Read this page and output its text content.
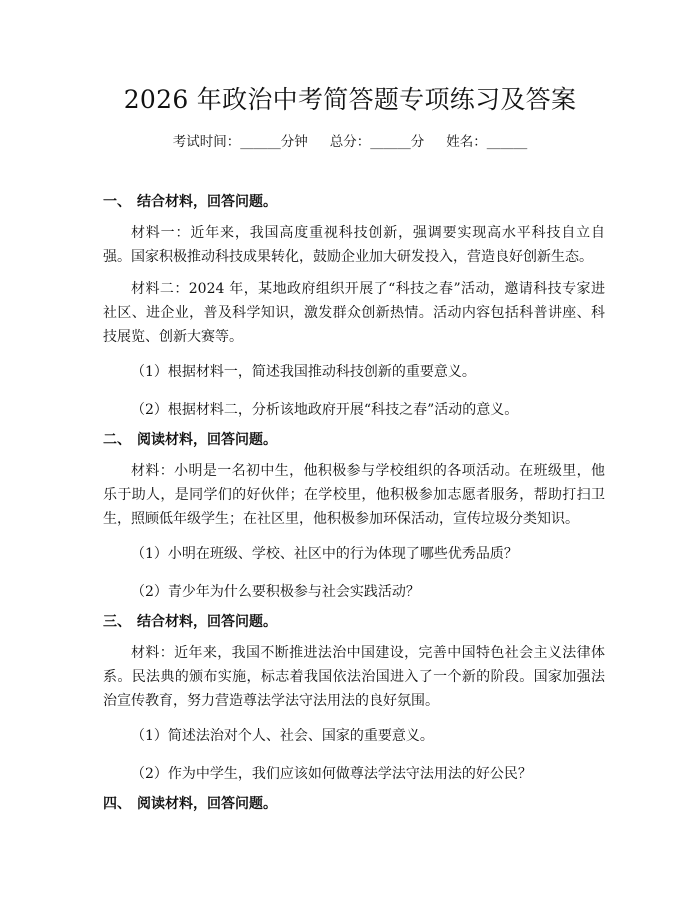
2026 年政治中考简答题专项练习及答案
考试时间：______分钟 总分：______分 姓名：______
一、 结合材料，回答问题。

材料一：近年来，我国高度重视科技创新，强调要实现高水平科技自立自强。国家积极推动科技成果转化，鼓励企业加大研发投入，营造良好创新生态。

材料二：2024 年，某地政府组织开展了“科技之春”活动，邀请科技专家进社区、进企业，普及科学知识，激发群众创新热情。活动内容包括科普讲座、科技展览、创新大赛等。

（1）根据材料一，简述我国推动科技创新的重要意义。

（2）根据材料二，分析该地政府开展“科技之春”活动的意义。

二、 阅读材料，回答问题。

材料：小明是一名初中生，他积极参与学校组织的各项活动。在班级里，他乐于助人，是同学们的好伙伴；在学校里，他积极参加志愿者服务，帮助打扫卫生，照顾低年级学生；在社区里，他积极参加环保活动，宣传垃圾分类知识。

（1）小明在班级、学校、社区中的行为体现了哪些优秀品质？

（2）青少年为什么要积极参与社会实践活动？

三、 结合材料，回答问题。

材料：近年来，我国不断推进法治中国建设，完善中国特色社会主义法律体系。民法典的颁布实施，标志着我国依法治国进入了一个新的阶段。国家加强法治宣传教育，努力营造尊法学法守法用法的良好氛围。

（1）简述法治对个人、社会、国家的重要意义。

（2）作为中学生，我们应该如何做尊法学法守法用法的好公民？

四、 阅读材料，回答问题。
